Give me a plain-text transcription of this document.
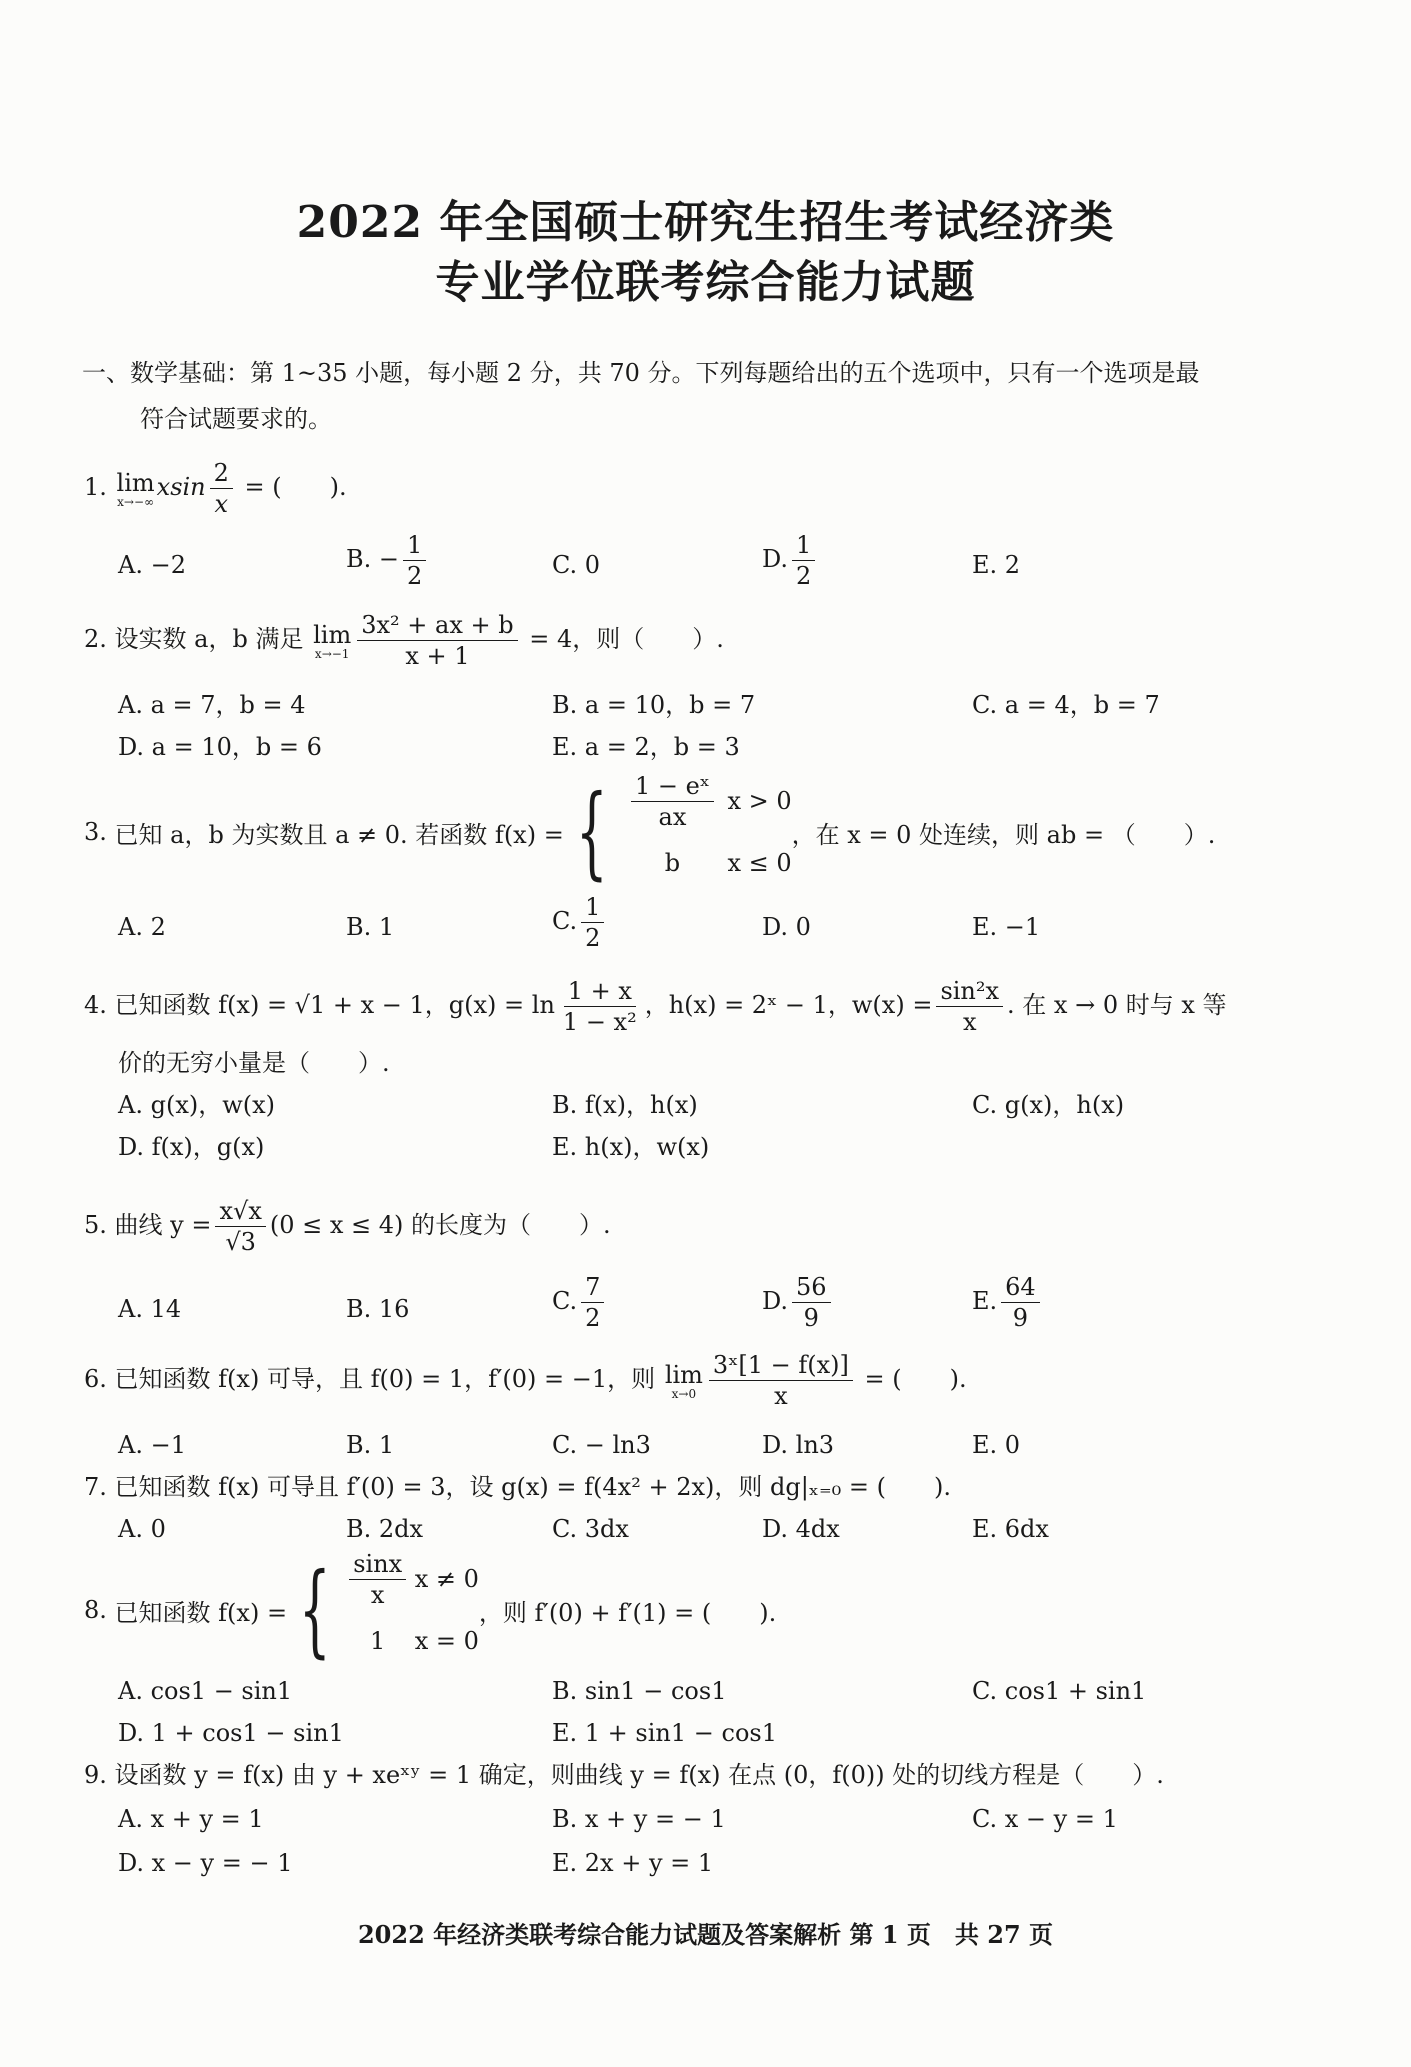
2022 年全国硕士研究生招生考试经济类
专业学位联考综合能力试题
一、数学基础：第 1~35 小题，每小题 2 分，共 70 分。下列每题给出的五个选项中，只有一个选项是最
符合试题要求的。
1. lim
x→−∞
xsin $\frac{2}{x}$ = (　　).
A. −2	B. − $\frac{1}{2}$	C. 0	D. $\frac{1}{2}$	E. 2
2. 设实数 a，b 满足 lim
$x\to-1 \frac{\text{3x² + ax + b}}{x + 1} = 4$，则（　　）.
A. a = 7，b = 4	B. a = 10，b = 7	C. a = 4，b = 7
D. a = 10，b = 6	E. a = 2，b = 3
3.
已知 a，b 为实数且 a ≠ 0. 若函数 f(x) = { $\frac{\text{1 − eˣ}}{ax}$ x > 0
b	x ≤ 0
，在 x = 0 处连续，则 ab = （　　）.
A. 2	B. 1	C. $\frac{1}{2}$	D. 0	E. −1
4. 已知函数 f(x) = √1 + x − 1，$g(x) = \ln \frac{1 + x}{\text{1 − x²}}$ ，h(x) = 2ˣ − 1，$w(x) = \frac{\text{sin²x}}{x}$ . 在 x → 0 时与 x 等
价的无穷小量是（　　）.
A. g(x)，w(x)	B. f(x)，h(x)	C. g(x)，h(x)
D. f(x)，g(x)	E. h(x)，w(x)
5. 曲线 $y = \frac{x√x}{√3} (0 \le x \le 4)$ 的长度为（　　）.
A. 14	B. 16	C. $\frac{7}{2}$	D. $\frac{56}{9}$	E. $\frac{64}{9}$
6. 已知函数 f(x) 可导，且 f(0) = 1，f′(0) = −1，则 lim
$x\to 0 \frac{\text{3ˣ[1 − f(x)]}}{x}$ = (　　).
A. −1	B. 1	C. − ln3	D. ln3	E. 0
7. 已知函数 f(x) 可导且 f′(0) = 3，设 g(x) = f(4x² + 2x)，则 dg|ₓ₌₀ = (　　).
A. 0	B. 2dx	C. 3dx	D. 4dx	E. 6dx
8.
已知函数 f(x) = { $\frac{\sin x}{x}$ x ≠ 0
1	x = 0
，则 f′(0) + f′(1) = (　　).
A. cos1 − sin1	B. sin1 − cos1	C. cos1 + sin1
D. 1 + cos1 − sin1	E. 1 + sin1 − cos1
9. 设函数 y = f(x) 由 y + xeˣʸ = 1 确定，则曲线 y = f(x) 在点 (0，f(0)) 处的切线方程是（　　）.
A. x + y = 1	B. x + y = − 1	C. x − y = 1
D. x − y = − 1	E. 2x + y = 1
2022 年经济类联考综合能力试题及答案解析 第 1 页　共 27 页
